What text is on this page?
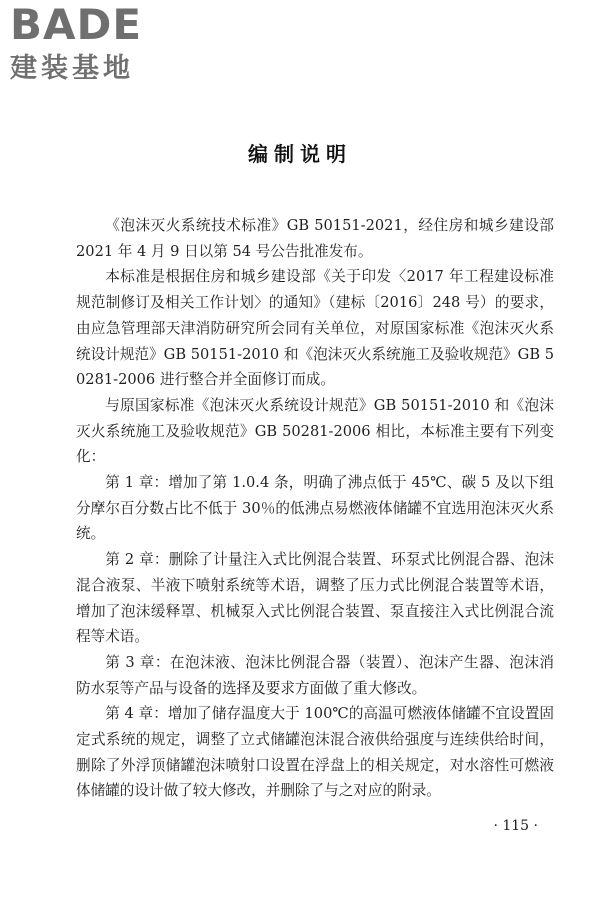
BADE
建装基地
编制说明

《泡沫灭火系统技术标准》GB 50151-2021，经住房和城乡建设部 2021 年 4 月 9 日以第 54 号公告批准发布。

本标准是根据住房和城乡建设部《关于印发〈2017 年工程建设标准规范制修订及相关工作计划〉的通知》（建标〔2016〕248 号）的要求，由应急管理部天津消防研究所会同有关单位，对原国家标准《泡沫灭火系统设计规范》GB 50151-2010 和《泡沫灭火系统施工及验收规范》GB 50281-2006 进行整合并全面修订而成。

与原国家标准《泡沫灭火系统设计规范》GB 50151-2010 和《泡沫灭火系统施工及验收规范》GB 50281-2006 相比，本标准主要有下列变化：

第 1 章：增加了第 1.0.4 条，明确了沸点低于 45℃、碳 5 及以下组分摩尔百分数占比不低于 30％的低沸点易燃液体储罐不宜选用泡沫灭火系统。

第 2 章：删除了计量注入式比例混合装置、环泵式比例混合器、泡沫混合液泵、半液下喷射系统等术语，调整了压力式比例混合装置等术语，增加了泡沫缓释罩、机械泵入式比例混合装置、泵直接注入式比例混合流程等术语。

第 3 章：在泡沫液、泡沫比例混合器（装置）、泡沫产生器、泡沫消防水泵等产品与设备的选择及要求方面做了重大修改。

第 4 章：增加了储存温度大于 100℃的高温可燃液体储罐不宜设置固定式系统的规定，调整了立式储罐泡沫混合液供给强度与连续供给时间，删除了外浮顶储罐泡沫喷射口设置在浮盘上的相关规定，对水溶性可燃液体储罐的设计做了较大修改，并删除了与之对应的附录。

· 115 ·
